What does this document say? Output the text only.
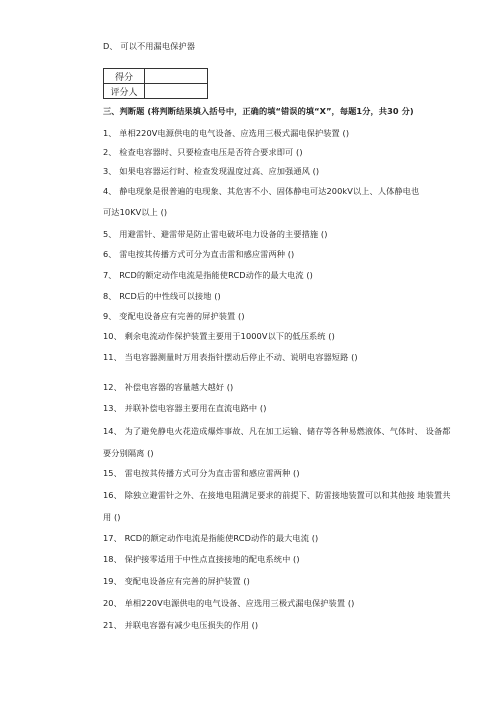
D、 可以不用漏电保护器
得分	
评分人	
三、判断题 (将判断结果填入括号中，正确的填“错误的填“X”，每题1分，共30 分)
1、 单相220V电源供电的电气设备、应选用三极式漏电保护装置 ()
2、 检查电容器时、只要检查电压是否符合要求即可 ()
3、 如果电容器运行时、检查发现温度过高、应加强通风 ()
4、 静电现象是很普遍的电现象、其危害不小、固体静电可达200kV以上、人体静电也
可达10KV以上 ()
5、 用避雷针、避雷带是防止雷电破坏电力设备的主要措施 ()
6、 雷电按其传播方式可分为直击雷和感应雷两种 ()
7、 RCD的额定动作电流是指能使RCD动作的最大电流 ()
8、 RCD后的中性线可以接地 ()
9、 变配电设备应有完善的屏护装置 ()
10、 剩余电流动作保护装置主要用于1000V以下的低压系统 ()
11、 当电容器测量时万用表指针摆动后停止不动、说明电容器短路 ()
12、 补偿电容器的容量越大越好 ()
13、 并联补偿电容器主要用在直流电路中 ()
14、 为了避免静电火花造成爆炸事故、凡在加工运输、储存等各种易燃液体、气体时、 设备都
要分别隔离 ()
15、 雷电按其传播方式可分为直击雷和感应雷两种 ()
16、 除独立避雷针之外、在接地电阻满足要求的前提下、防雷接地装置可以和其他接 地装置共
用 ()
17、 RCD的额定动作电流是指能使RCD动作的最大电流 ()
18、 保护接零适用于中性点直接接地的配电系统中 ()
19、 变配电设备应有完善的屏护装置 ()
20、 单相220V电源供电的电气设备、应选用三极式漏电保护装置 ()
21、 并联电容器有减少电压损失的作用 ()
